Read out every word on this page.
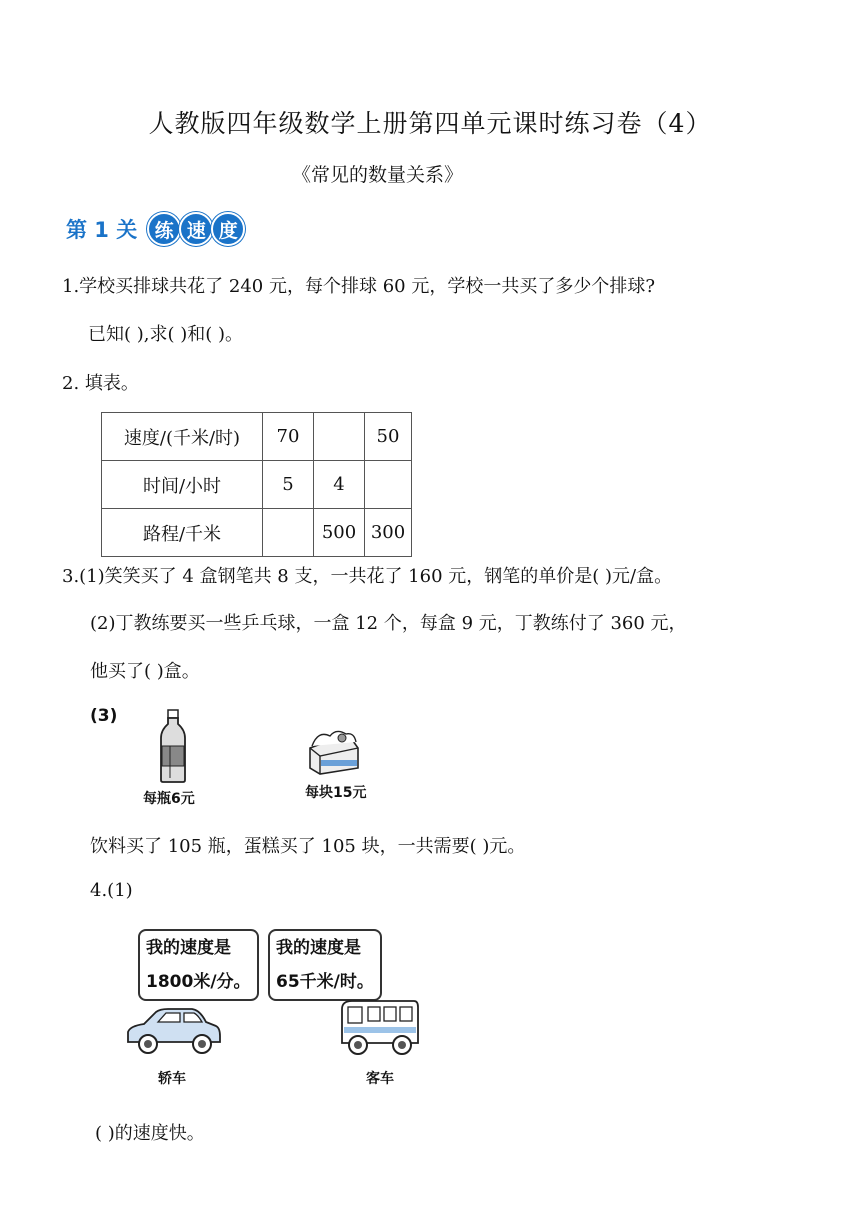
人教版四年级数学上册第四单元课时练习卷（4）
《常见的数量关系》
第 1 关 练 速 度
1.学校买排球共花了 240 元，每个排球 60 元，学校一共买了多少个排球?
已知( ),求( )和( )。
2. 填表。
速度/(千米/时)	70		50
时间/小时	5	4	
路程/千米		500	300
3.(1)笑笑买了 4 盒钢笔共 8 支，一共花了 160 元，钢笔的单价是( )元/盒。
(2)丁教练要买一些乒乓球，一盒 12 个，每盒 9 元，丁教练付了 360 元，
他买了( )盒。
(3)
每瓶6元	每块15元
饮料买了 105 瓶，蛋糕买了 105 块，一共需要( )元。
4.(1)
我的速度是
1800米/分。
我的速度是
65千米/时。
轿车	客车
( )的速度快。
